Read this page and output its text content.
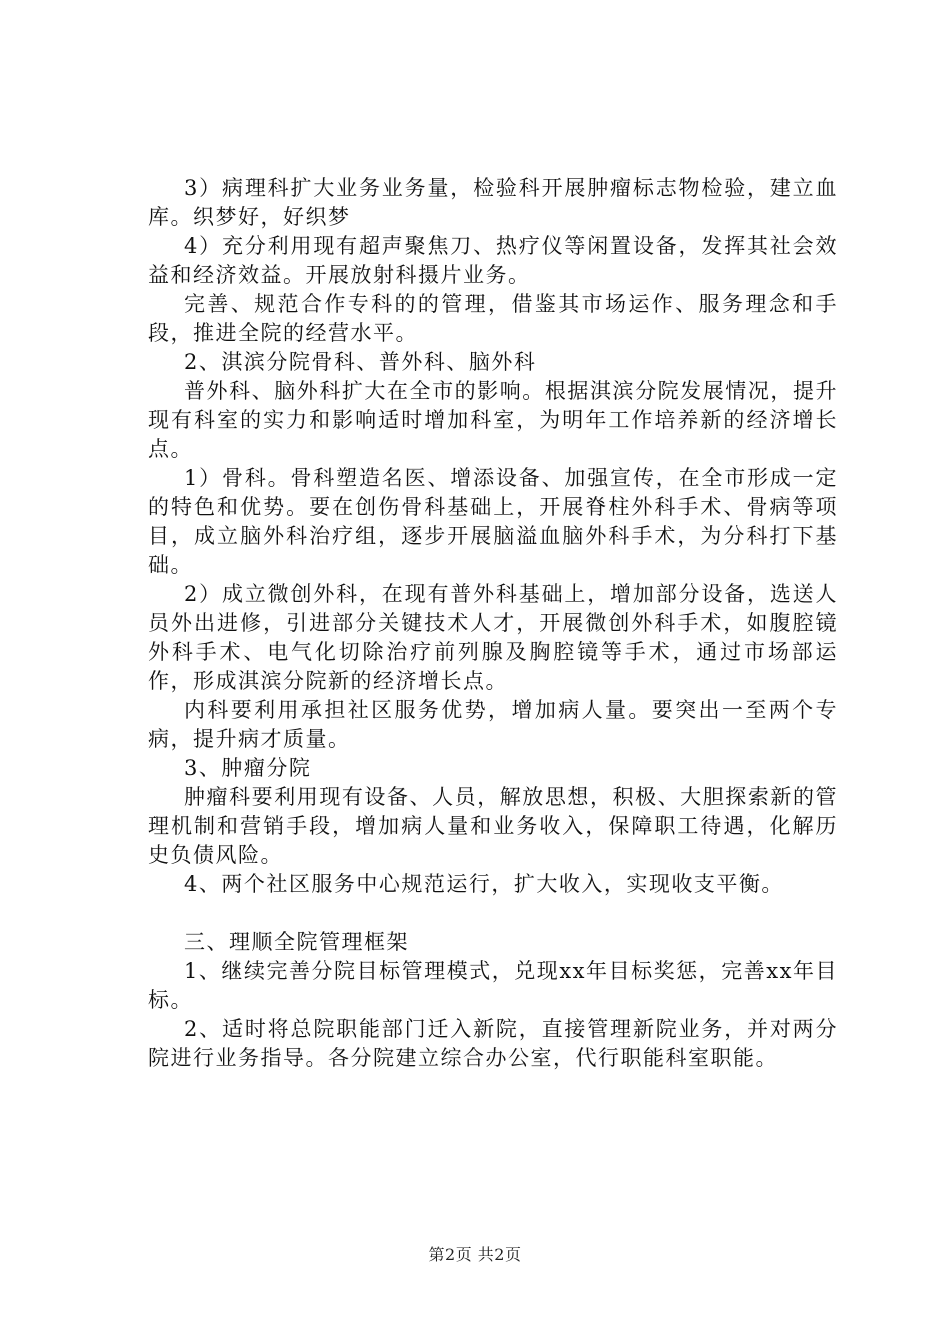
3）病理科扩大业务业务量，检验科开展肿瘤标志物检验，建立血库。织梦好，好织梦

4）充分利用现有超声聚焦刀、热疗仪等闲置设备，发挥其社会效益和经济效益。开展放射科摄片业务。

完善、规范合作专科的的管理，借鉴其市场运作、服务理念和手段，推进全院的经营水平。

2、淇滨分院骨科、普外科、脑外科

普外科、脑外科扩大在全市的影响。根据淇滨分院发展情况，提升现有科室的实力和影响适时增加科室，为明年工作培养新的经济增长点。

1）骨科。骨科塑造名医、增添设备、加强宣传，在全市形成一定的特色和优势。要在创伤骨科基础上，开展脊柱外科手术、骨病等项目，成立脑外科治疗组，逐步开展脑溢血脑外科手术，为分科打下基础。

2）成立微创外科，在现有普外科基础上，增加部分设备，选送人员外出进修，引进部分关键技术人才，开展微创外科手术，如腹腔镜外科手术、电气化切除治疗前列腺及胸腔镜等手术，通过市场部运作，形成淇滨分院新的经济增长点。

内科要利用承担社区服务优势，增加病人量。要突出一至两个专病，提升病才质量。

3、肿瘤分院

肿瘤科要利用现有设备、人员，解放思想，积极、大胆探索新的管理机制和营销手段，增加病人量和业务收入，保障职工待遇，化解历史负债风险。

4、两个社区服务中心规范运行，扩大收入，实现收支平衡。

三、理顺全院管理框架

1、继续完善分院目标管理模式，兑现xx年目标奖惩，完善xx年目标。

2、适时将总院职能部门迁入新院，直接管理新院业务，并对两分院进行业务指导。各分院建立综合办公室，代行职能科室职能。

第2页 共2页
